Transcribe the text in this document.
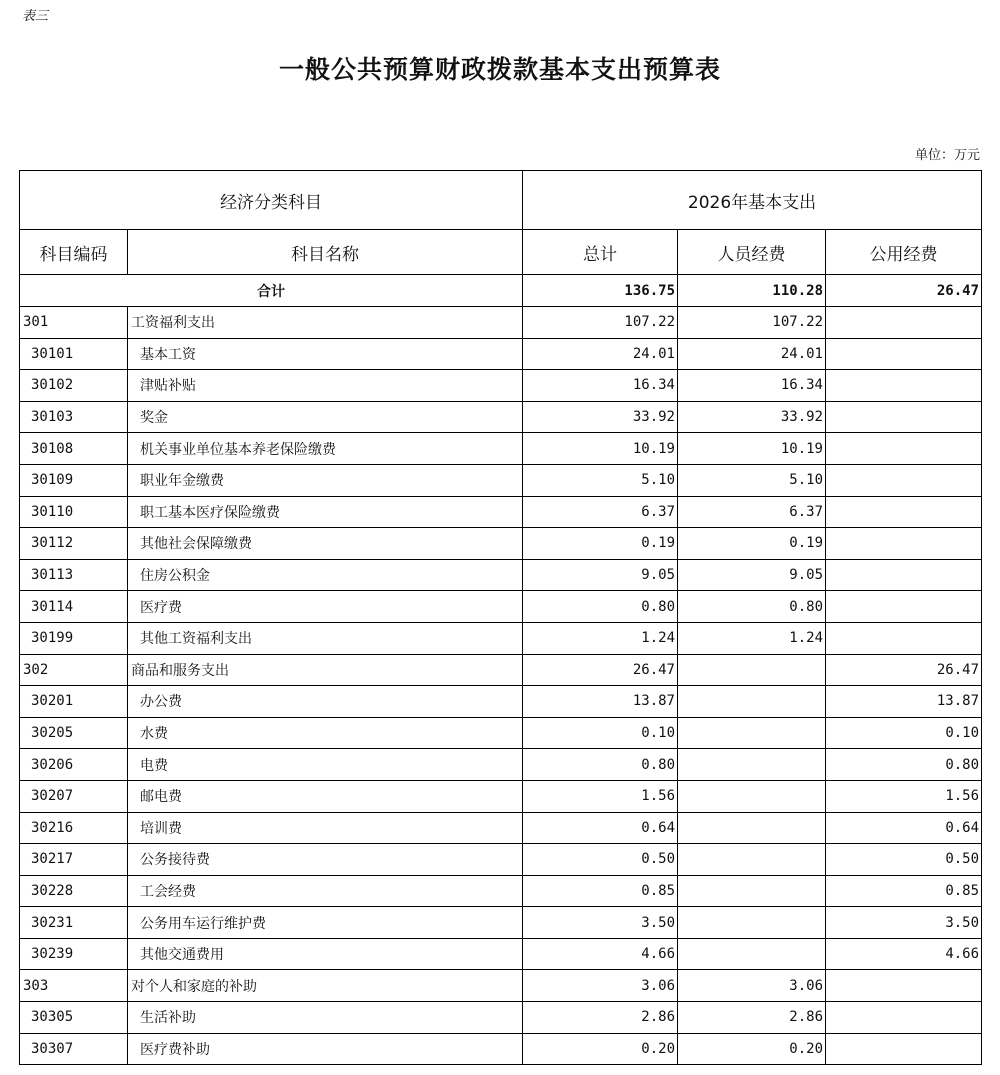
表三
一般公共预算财政拨款基本支出预算表
单位：万元
经济分类科目		2026年基本支出		
科目编码	科目名称	总计	人员经费	公用经费
合计		136.75	110.28	26.47
301	工资福利支出	107.22	107.22	
30101	基本工资	24.01	24.01	
30102	津贴补贴	16.34	16.34	
30103	奖金	33.92	33.92	
30108	机关事业单位基本养老保险缴费	10.19	10.19	
30109	职业年金缴费	5.10	5.10	
30110	职工基本医疗保险缴费	6.37	6.37	
30112	其他社会保障缴费	0.19	0.19	
30113	住房公积金	9.05	9.05	
30114	医疗费	0.80	0.80	
30199	其他工资福利支出	1.24	1.24	
302	商品和服务支出	26.47		26.47
30201	办公费	13.87		13.87
30205	水费	0.10		0.10
30206	电费	0.80		0.80
30207	邮电费	1.56		1.56
30216	培训费	0.64		0.64
30217	公务接待费	0.50		0.50
30228	工会经费	0.85		0.85
30231	公务用车运行维护费	3.50		3.50
30239	其他交通费用	4.66		4.66
303	对个人和家庭的补助	3.06	3.06	
30305	生活补助	2.86	2.86	
30307	医疗费补助	0.20	0.20	
